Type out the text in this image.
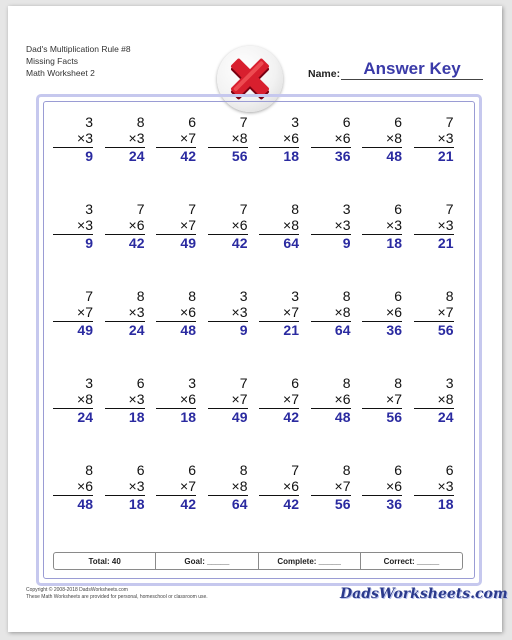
Dad's Multiplication Rule #8
Missing Facts
Math Worksheet 2	Name:	Answer Key
3
×3
9
8
×3
24
6
×7
42
7
×8
56
3
×6
18
6
×6
36
6
×8
48
7
×3
21
3
×3
9
7
×6
42
7
×7
49
7
×6
42
8
×8
64
3
×3
9
6
×3
18
7
×3
21
7
×7
49
8
×3
24
8
×6
48
3
×3
9
3
×7
21
8
×8
64
6
×6
36
8
×7
56
3
×8
24
6
×3
18
3
×6
18
7
×7
49
6
×7
42
8
×6
48
8
×7
56
3
×8
24
8
×6
48
6
×3
18
6
×7
42
8
×8
64
7
×6
42
8
×7
56
6
×6
36
6
×3
18
Total: 40	Goal: _____	Complete: _____	Correct: _____
Copyright © 2008-2018 DadsWorksheets.com
These Math Worksheets are provided for personal, homeschool or classroom use.	DadsWorksheets.com
